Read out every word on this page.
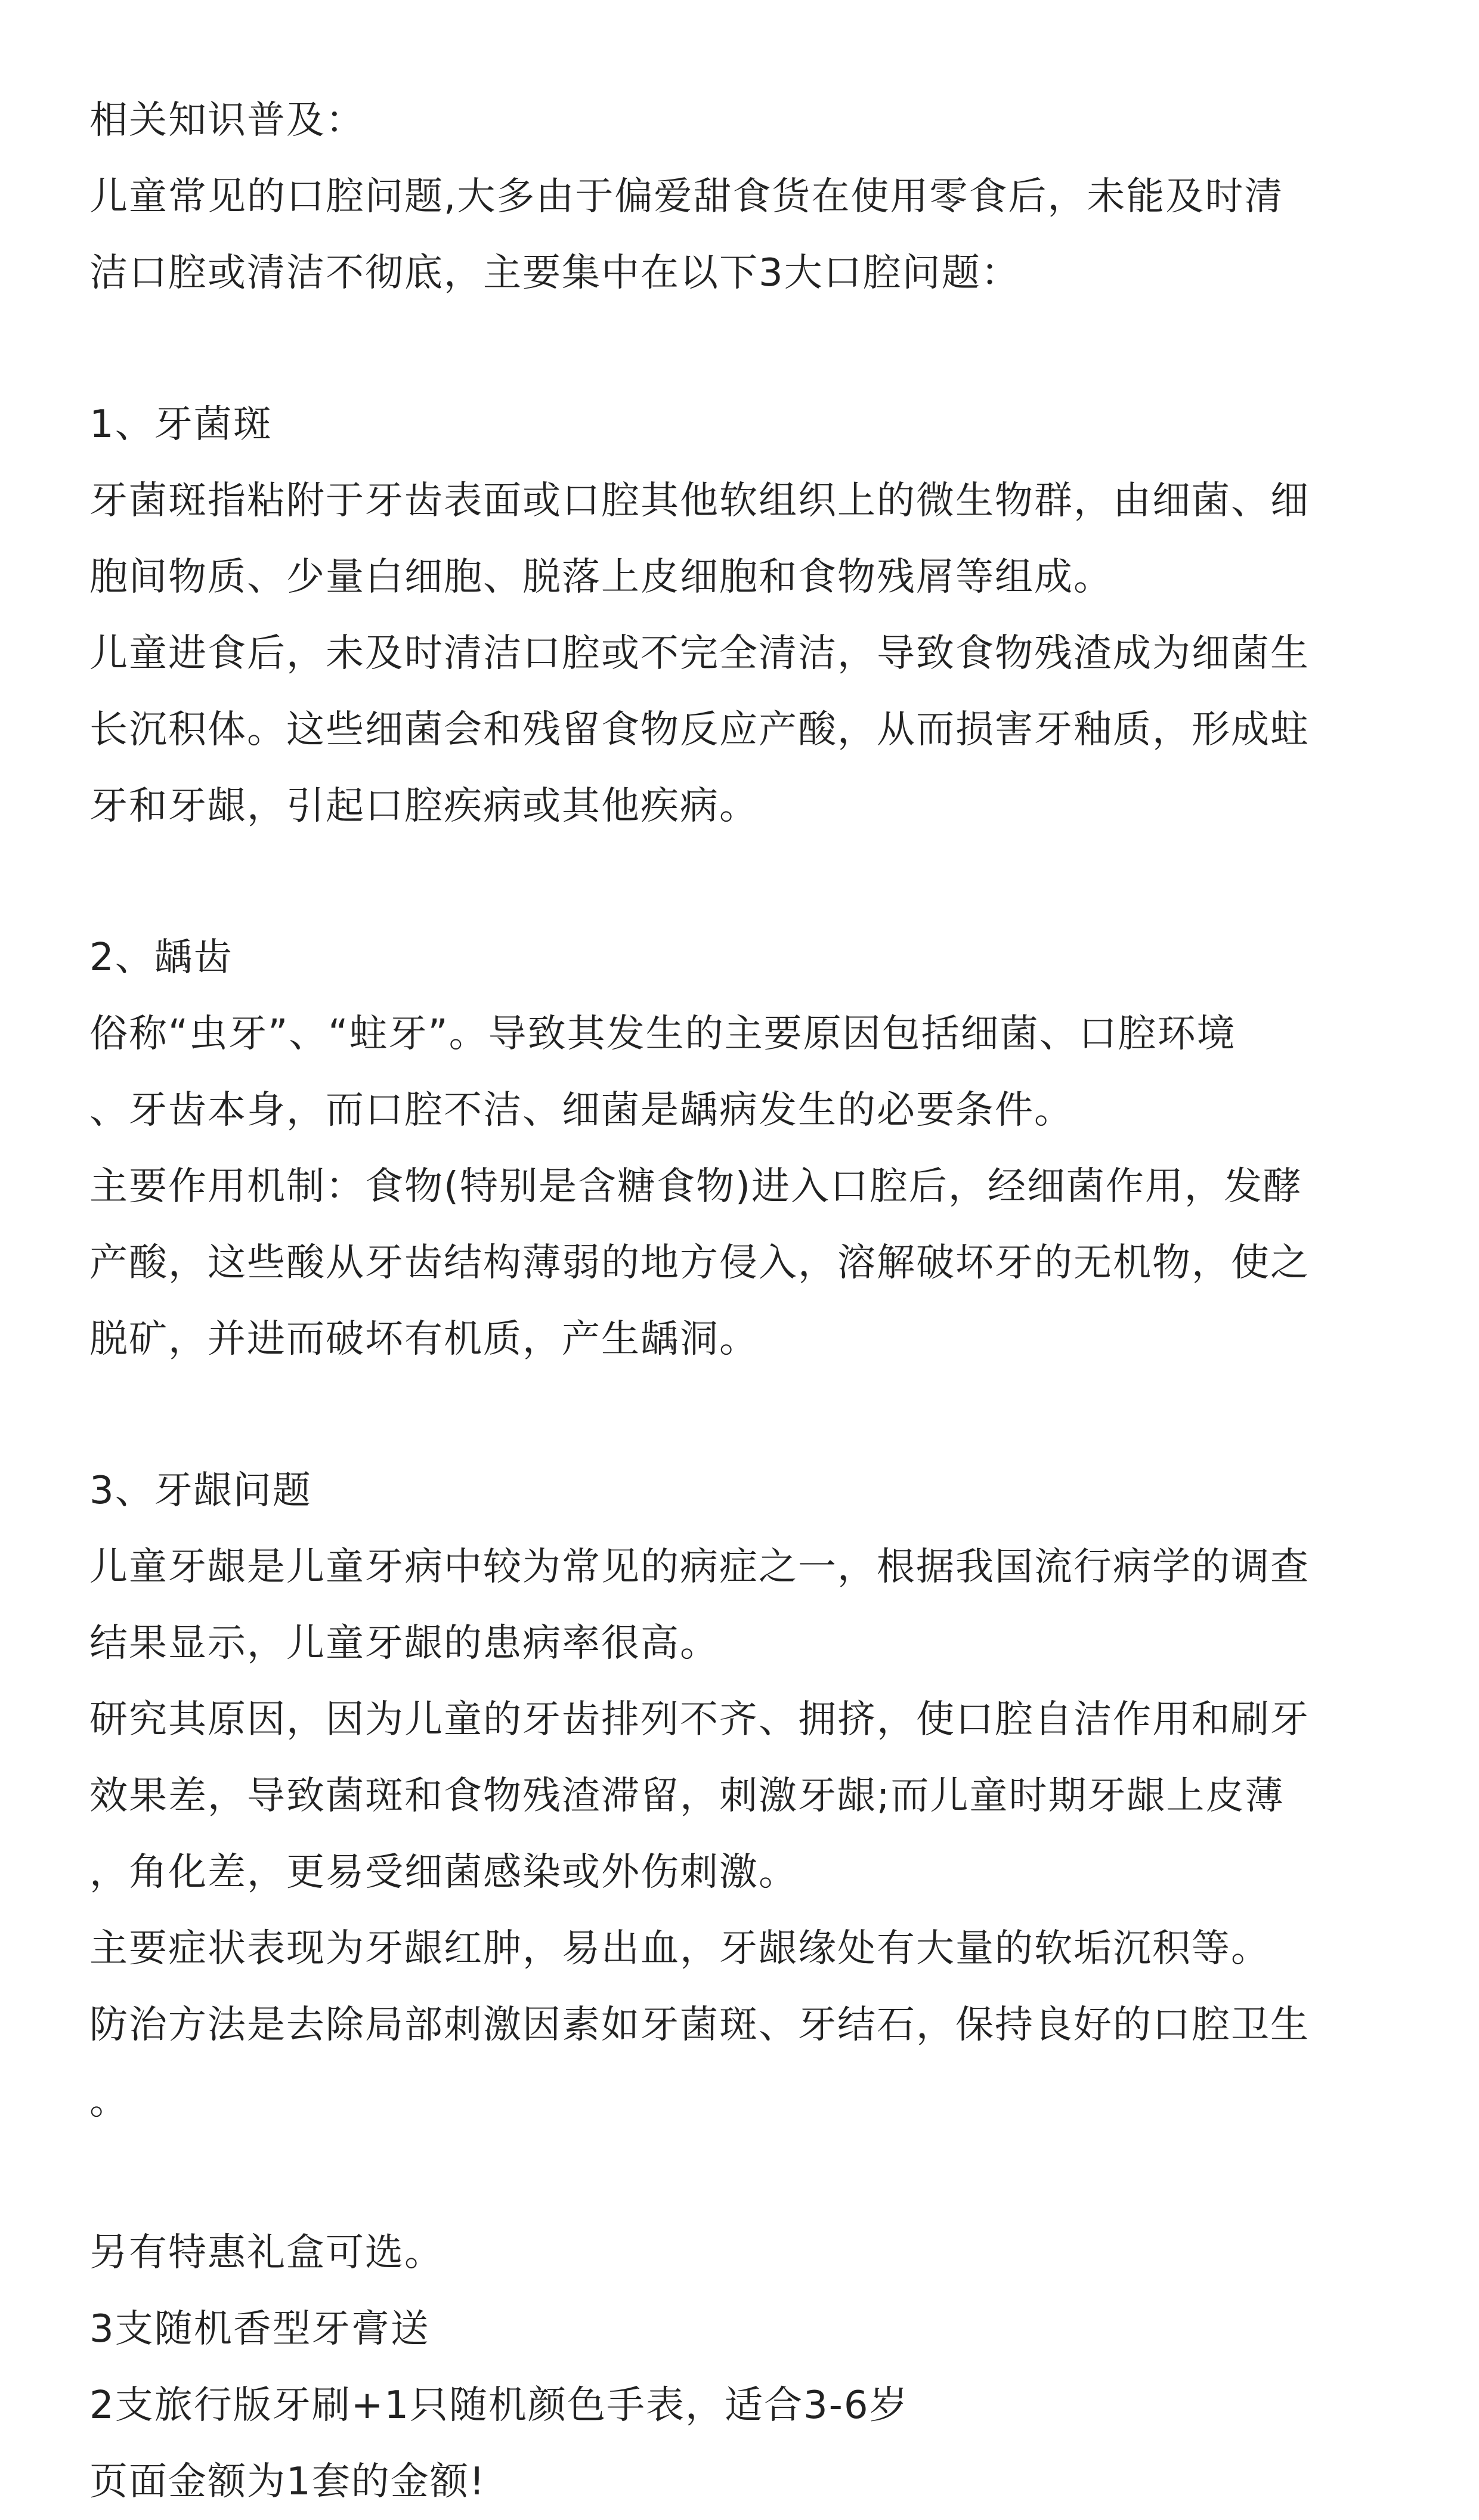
相关知识普及：
儿童常见的口腔问题,大多由于偏爱甜食货在使用零食后，未能及时清
洁口腔或清洁不彻底，主要集中在以下3大口腔问题：
1、牙菌斑
牙菌斑指粘附于牙齿表面或口腔其他软组织上的微生物群，由细菌、细
胞间物质、少量白细胞、脱落上皮细胞和食物残屑等组成。
儿童进食后，未及时清洁口腔或不完全清洁，导致食物残渣成为细菌生
长沉积体。这些细菌会和残留食物反应产酸，从而损害牙釉质，形成蛀
牙和牙龈，引起口腔疾病或其他疾病。
2、龋齿
俗称“虫牙”、“蛀牙”。导致其发生的主要原因包括细菌、口腔环境
、牙齿本身，而口腔不洁、细菌是龋病发生的必要条件。
主要作用机制：食物(特别是含糖食物)进入口腔后，经细菌作用，发酵
产酸，这些酸从牙齿结构薄弱的地方侵入，溶解破坏牙的无机物，使之
脱矿，并进而破坏有机质，产生龋洞。
3、牙龈问题
儿童牙龈是儿童牙病中较为常见的病症之一，根据我国流行病学的调查
结果显示，儿童牙龈的患病率很高。
研究其原因，因为儿童的牙齿排列不齐、拥挤，使口腔自洁作用和刷牙
效果差，导致菌斑和食物残渣滞留，刺激牙龈;而儿童时期牙龈上皮薄
，角化差，更易受细菌感染或外伤刺激。
主要症状表现为牙龈红肿，易出血，牙龈缘处有大量的软垢沉积等。
防治方法是去除局部刺激因素如牙菌斑、牙结石，保持良好的口腔卫生
。
另有特惠礼盒可选。
3支随机香型牙膏送
2支旅行版牙刷+1只随机颜色手表，适合3-6岁
页面金额为1套的金额!
